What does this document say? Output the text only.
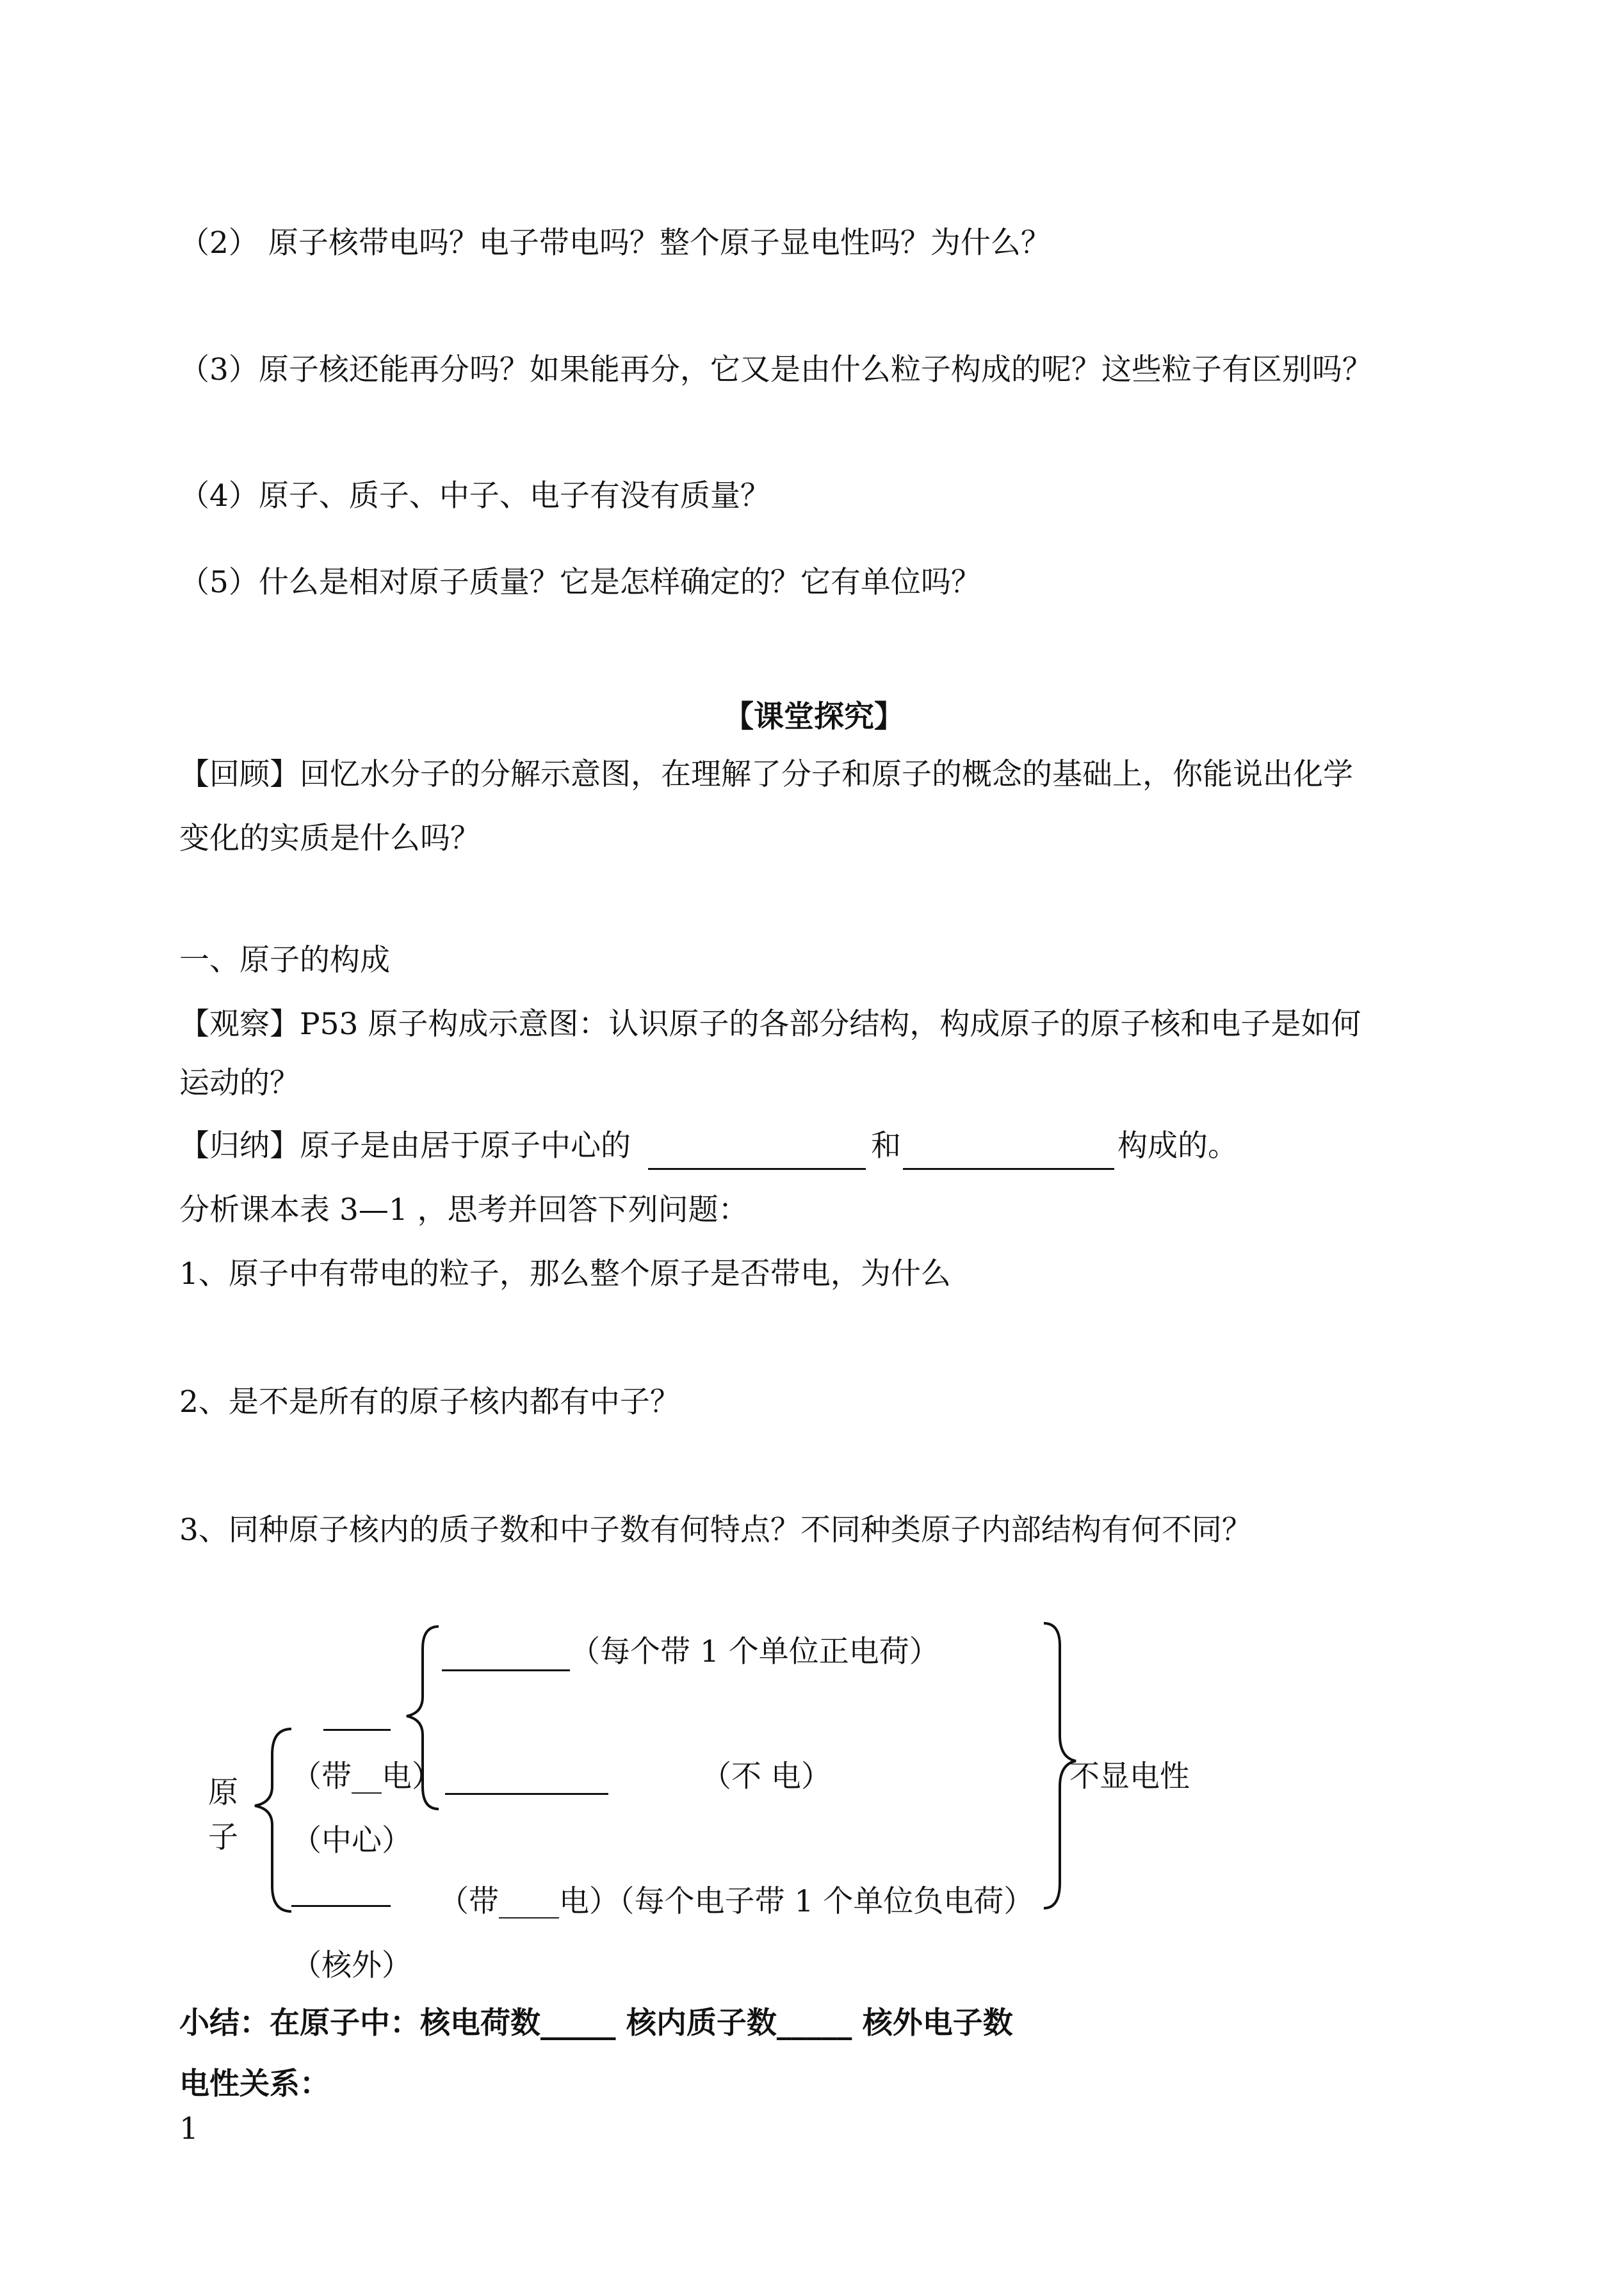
（2） 原子核带电吗？电子带电吗？整个原子显电性吗？为什么？
（3）原子核还能再分吗？如果能再分，它又是由什么粒子构成的呢？这些粒子有区别吗？
（4）原子、质子、中子、电子有没有质量？
（5）什么是相对原子质量？它是怎样确定的？它有单位吗？
【课堂探究】
【回顾】回忆水分子的分解示意图，在理解了分子和原子的概念的基础上，你能说出化学
变化的实质是什么吗？
一、原子的构成
【观察】P53 原子构成示意图：认识原子的各部分结构，构成原子的原子核和电子是如何
运动的？
【归纳】原子是由居于原子中心的	和	构成的。
分析课本表 3—1 ，思考并回答下列问题：
1、原子中有带电的粒子，那么整个原子是否带电，为什么
2、是不是所有的原子核内都有中子？
3、同种原子核内的质子数和中子数有何特点？不同种类原子内部结构有何不同？
原
子
（每个带 1 个单位正电荷）
（带__电）
（中心）
（不 电）	不显电性
（带____电）（每个电子带 1 个单位负电荷）
（核外）
小结：在原子中：核电荷数_____ 核内质子数_____ 核外电子数
电性关系：
1
